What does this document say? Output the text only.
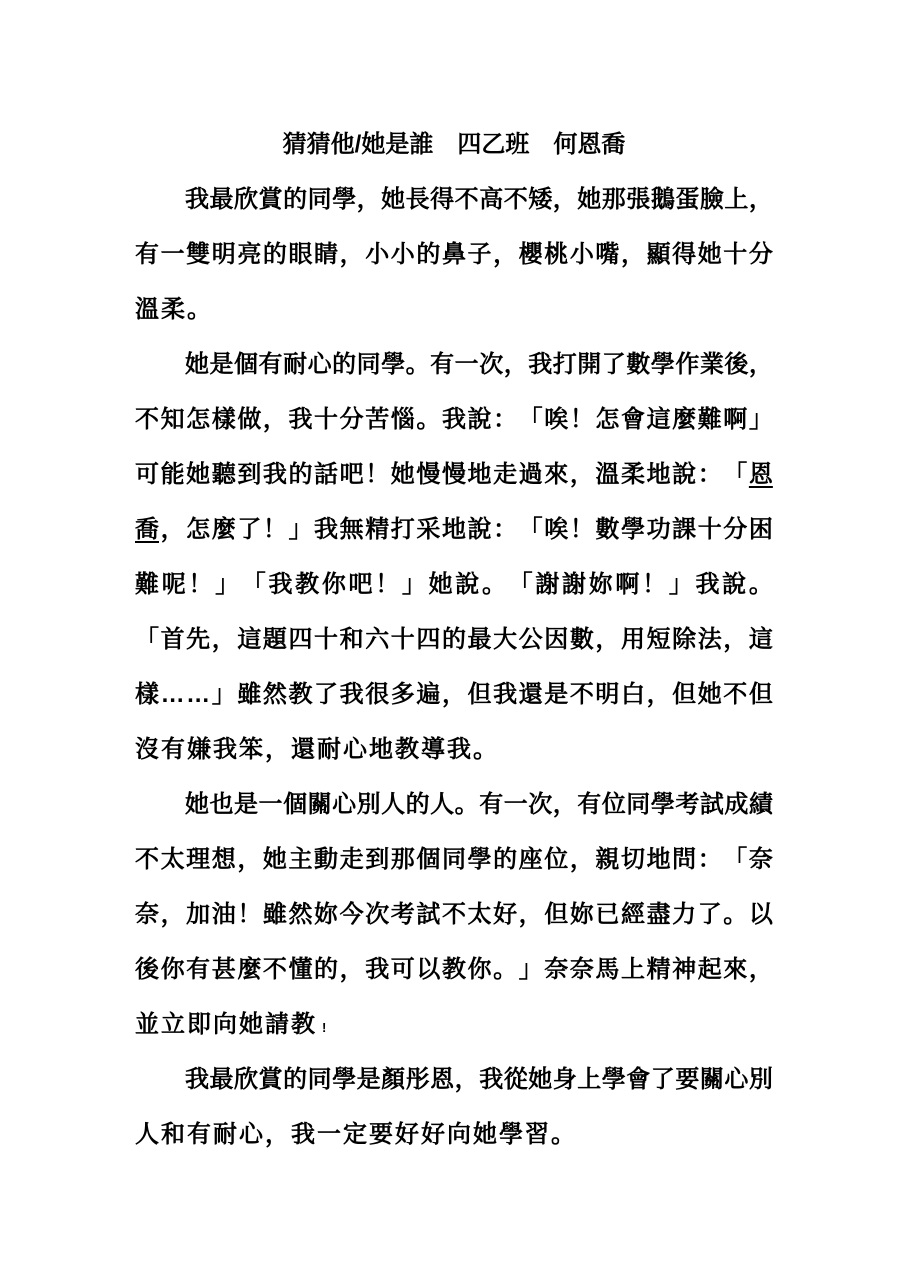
猜猜他/她是誰　四乙班　何恩喬
我 最 欣 賞 的 同 學 ， 她 長 得 不 高 不 矮 ， 她 那 張 鵝 蛋 臉 上 ，
有 一 雙 明 亮 的 眼 睛 ， 小 小 的 鼻 子 ， 櫻 桃 小 嘴 ， 顯 得 她 十 分
溫柔。
她 是 個 有 耐 心 的 同 學 。 有 一 次 ， 我 打 開 了 數 學 作 業 後 ，
不 知 怎 樣 做 ， 我 十 分 苦 惱 。 我 說 ： 「 唉 ！ 怎 會 這 麼 難 啊 」
可 能 她 聽 到 我 的 話 吧 ！ 她 慢 慢 地 走 過 來 ， 溫 柔 地 說 ： 「 恩
喬 ， 怎 麼 了 ！ 」 我 無 精 打 采 地 說 ： 「 唉 ！ 數 學 功 課 十 分 困
難 呢 ！ 」 「 我 教 你 吧 ！ 」 她 說 。 「 謝 謝 妳 啊 ！ 」 我 說 。
「 首 先 ， 這 題 四 十 和 六 十 四 的 最 大 公 因 數 ， 用 短 除 法 ， 這
樣 … … 」 雖 然 教 了 我 很 多 遍 ， 但 我 還 是 不 明 白 ， 但 她 不 但
沒有嫌我笨，還耐心地教導我。
她 也 是 一 個 關 心 別 人 的 人 。 有 一 次 ， 有 位 同 學 考 試 成 績
不 太 理 想 ， 她 主 動 走 到 那 個 同 學 的 座 位 ， 親 切 地 問 ： 「 奈
奈 ， 加 油 ！ 雖 然 妳 今 次 考 試 不 太 好 ， 但 妳 已 經 盡 力 了 。 以
後 你 有 甚 麼 不 懂 的 ， 我 可 以 教 你 。 」 奈 奈 馬 上 精 神 起 來 ，
並立即向她請教 !
我 最 欣 賞 的 同 學 是 顏 彤 恩 ， 我 從 她 身 上 學 會 了 要 關 心 別
人和有耐心，我一定要好好向她學習。
